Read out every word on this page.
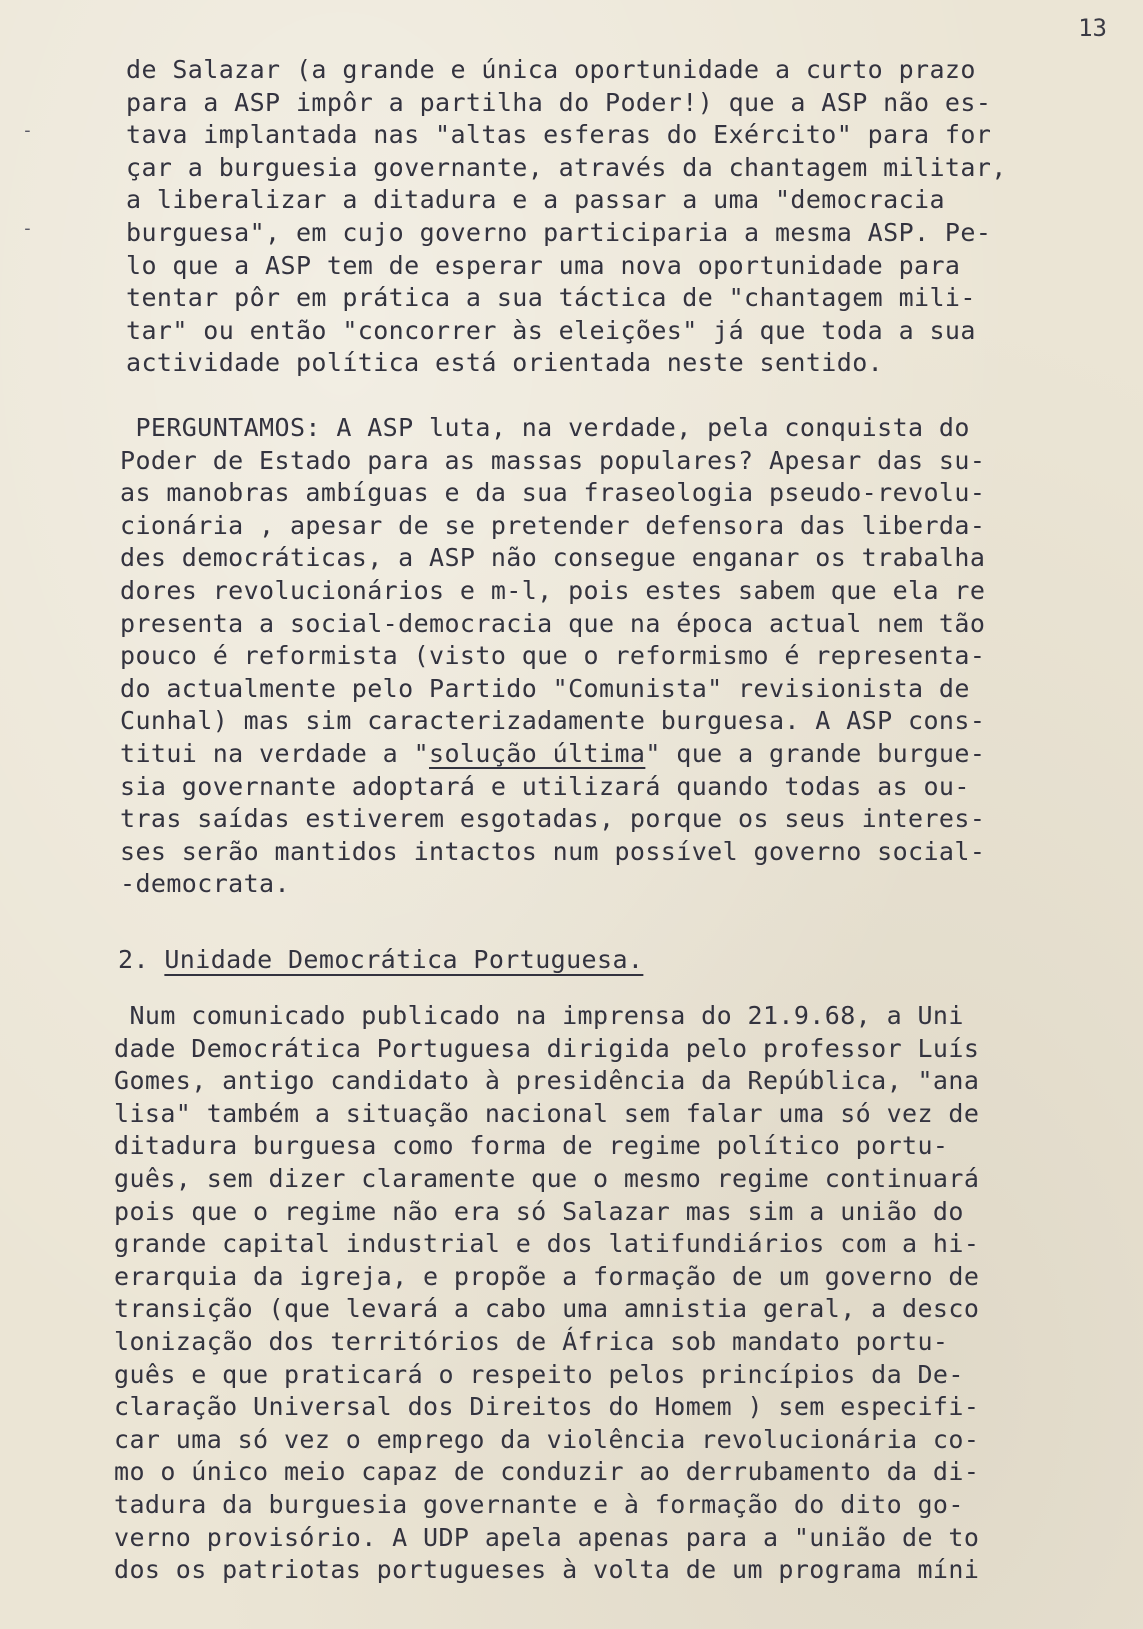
13
-
-
de Salazar (a grande e única oportunidade a curto prazo
para a ASP impôr a partilha do Poder!) que a ASP não es-
tava implantada nas "altas esferas do Exército" para for
çar a burguesia governante, através da chantagem militar,
a liberalizar a ditadura e a passar a uma "democracia
burguesa", em cujo governo participaria a mesma ASP. Pe-
lo que a ASP tem de esperar uma nova oportunidade para
tentar pôr em prática a sua táctica de "chantagem mili-
tar" ou então "concorrer às eleições" já que toda a sua
actividade política está orientada neste sentido.
PERGUNTAMOS: A ASP luta, na verdade, pela conquista do
Poder de Estado para as massas populares? Apesar das su-
as manobras ambíguas e da sua fraseologia pseudo-revolu-
cionária , apesar de se pretender defensora das liberda-
des democráticas, a ASP não consegue enganar os trabalha
dores revolucionários e m-l, pois estes sabem que ela re
presenta a social-democracia que na época actual nem tão
pouco é reformista (visto que o reformismo é representa-
do actualmente pelo Partido "Comunista" revisionista de
Cunhal) mas sim caracterizadamente burguesa. A ASP cons-
titui na verdade a "solução última" que a grande burgue-
sia governante adoptará e utilizará quando todas as ou-
tras saídas estiverem esgotadas, porque os seus interes-
ses serão mantidos intactos num possível governo social-
-democrata.
2. Unidade Democrática Portuguesa.
Num comunicado publicado na imprensa do 21.9.68, a Uni
dade Democrática Portuguesa dirigida pelo professor Luís
Gomes, antigo candidato à presidência da República, "ana
lisa" também a situação nacional sem falar uma só vez de
ditadura burguesa como forma de regime político portu-
guês, sem dizer claramente que o mesmo regime continuará
pois que o regime não era só Salazar mas sim a união do
grande capital industrial e dos latifundiários com a hi-
erarquia da igreja, e propõe a formação de um governo de
transição (que levará a cabo uma amnistia geral, a desco
lonização dos territórios de África sob mandato portu-
guês e que praticará o respeito pelos princípios da De-
claração Universal dos Direitos do Homem ) sem especifi-
car uma só vez o emprego da violência revolucionária co-
mo o único meio capaz de conduzir ao derrubamento da di-
tadura da burguesia governante e à formação do dito go-
verno provisório. A UDP apela apenas para a "união de to
dos os patriotas portugueses à volta de um programa míni
